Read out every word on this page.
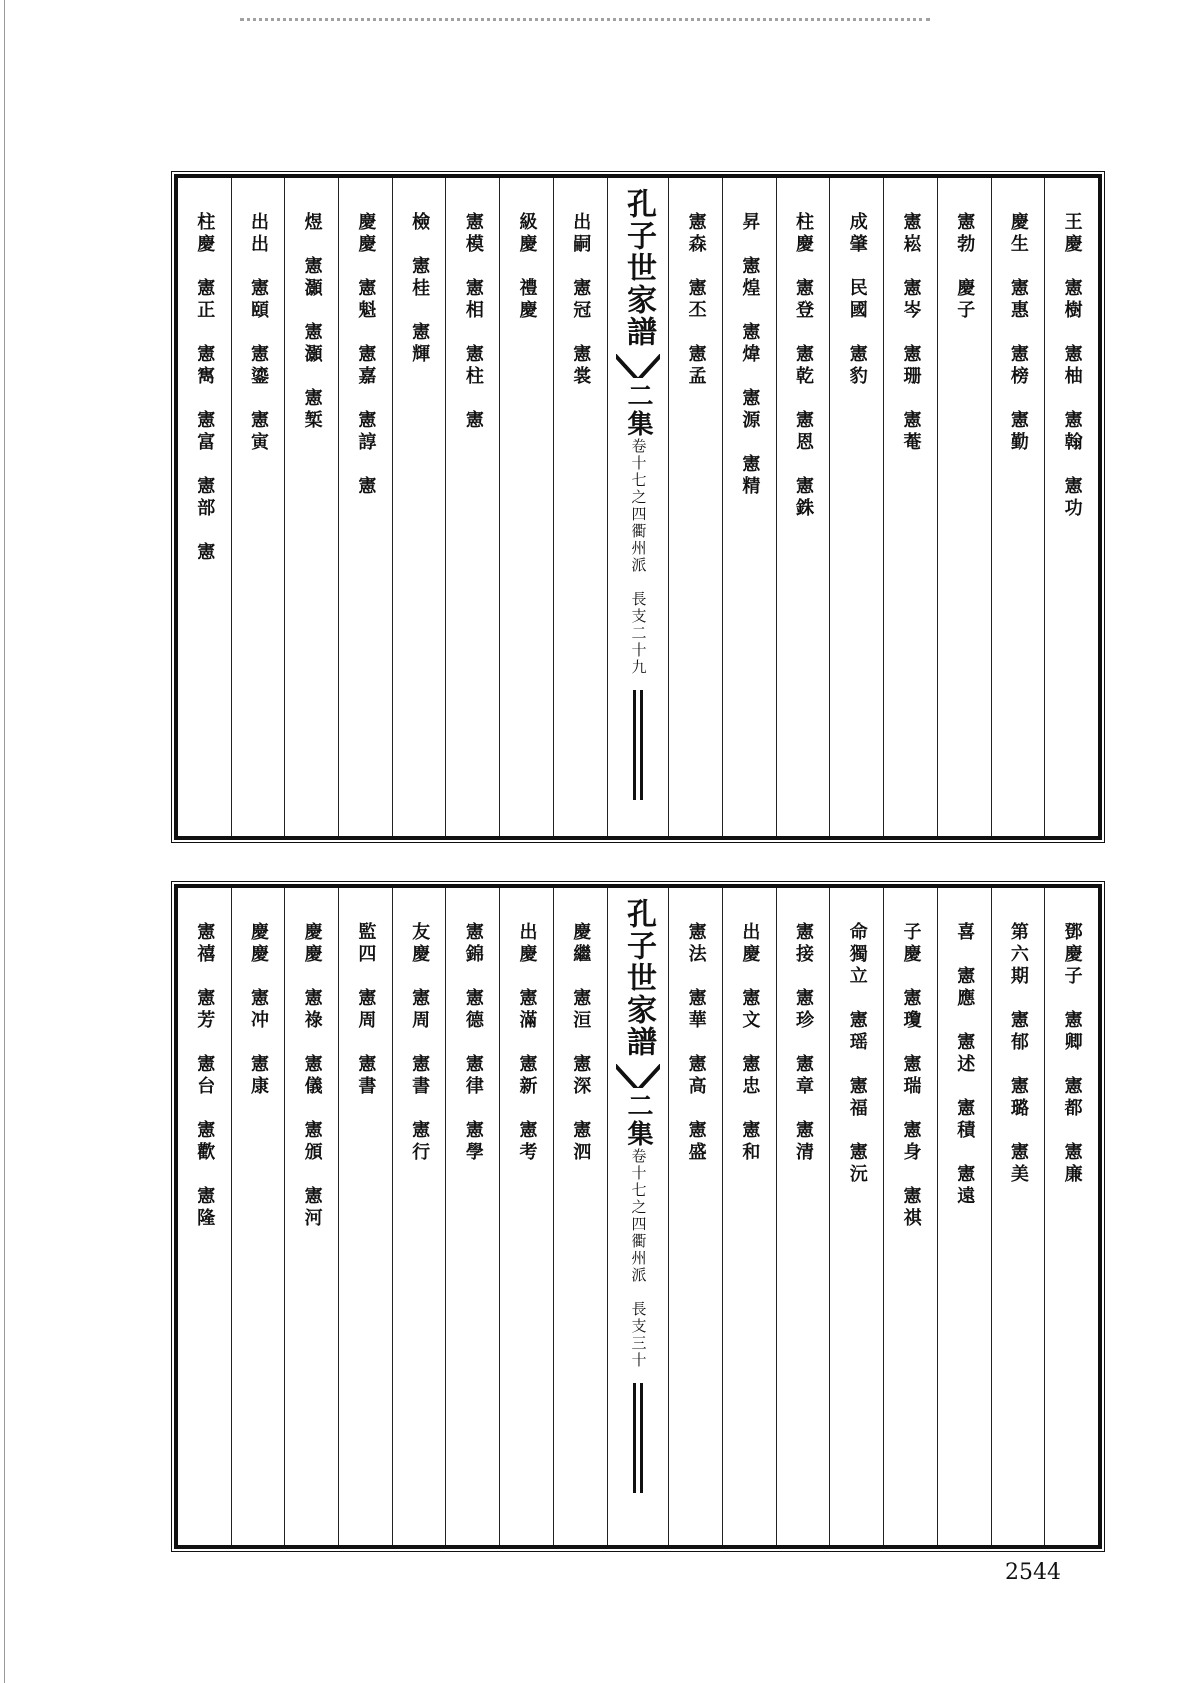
王慶　憲樹　憲柚　憲翰　憲功
慶生　憲惠　憲榜　憲勤
憲勃　慶子
憲崧　憲岑　憲珊　憲菴
成肇　民國　憲豹
柱慶　憲登　憲乾　憲恩　憲銖
昇　憲煌　憲煒　憲源　憲精
憲森　憲丕　憲孟
孔子世家譜
二集
卷十七之四
衢州派　長支
二十九
出嗣　憲冠　憲裳
級慶　禮慶
憲模　憲相　憲柱　憲
檢　憲桂　憲輝
慶慶　憲魁　憲嘉　憲諄　憲
煜　憲灝　憲灝　憲椠
出出　憲頤　憲鎏　憲寅
柱慶　憲正　憲寯　憲富　憲部　憲
鄧慶子　憲卿　憲都　憲廉
第六期　憲郁　憲璐　憲美
喜　憲應　憲述　憲積　憲遠
子慶　憲瓊　憲瑞　憲身　憲祺
命獨立　憲瑶　憲福　憲沅
憲接　憲珍　憲章　憲清
出慶　憲文　憲忠　憲和
憲法　憲華　憲高　憲盛
孔子世家譜
二集
卷十七之四
衢州派　長支
三十
慶繼　憲洹　憲深　憲泗
出慶　憲滿　憲新　憲考
憲錦　憲德　憲律　憲學
友慶　憲周　憲書　憲行
監四　憲周　憲書
慶慶　憲祿　憲儀　憲頒　憲河
慶慶　憲冲　憲康
憲禧　憲芳　憲台　憲歡　憲隆
2544
